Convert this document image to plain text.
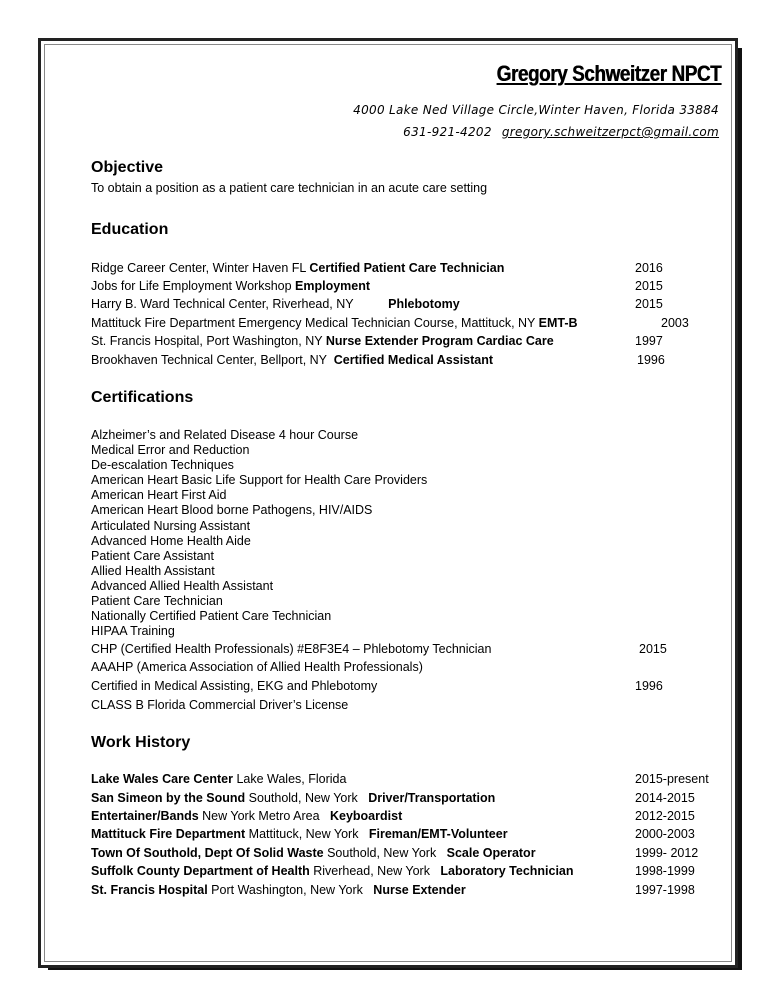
Gregory Schweitzer NPCT
4000 Lake Ned Village Circle,Winter Haven, Florida 33884
631-921-4202 gregory.schweitzerpct@gmail.com
Objective
To obtain a position as a patient care technician in an acute care setting
Education
Ridge Career Center, Winter Haven FL Certified Patient Care Technician	2016
Jobs for Life Employment Workshop Employment	2015
Harry B. Ward Technical Center, Riverhead, NY          Phlebotomy	2015
Mattituck Fire Department Emergency Medical Technician Course, Mattituck, NY EMT-B	2003
St. Francis Hospital, Port Washington, NY Nurse Extender Program Cardiac Care	1997
Brookhaven Technical Center, Bellport, NY  Certified Medical Assistant	1996
Certifications
Alzheimer’s and Related Disease 4 hour Course
Medical Error and Reduction
De-escalation Techniques
American Heart Basic Life Support for Health Care Providers
American Heart First Aid
American Heart Blood borne Pathogens, HIV/AIDS
Articulated Nursing Assistant
Advanced Home Health Aide
Patient Care Assistant
Allied Health Assistant
Advanced Allied Health Assistant
Patient Care Technician
Nationally Certified Patient Care Technician
HIPAA Training
CHP (Certified Health Professionals) #E8F3E4 – Phlebotomy Technician	2015
AAAHP (America Association of Allied Health Professionals)
Certified in Medical Assisting, EKG and Phlebotomy	1996
CLASS B Florida Commercial Driver’s License
Work History
Lake Wales Care Center Lake Wales, Florida	2015-present
San Simeon by the Sound Southold, New York   Driver/Transportation	2014-2015
Entertainer/Bands New York Metro Area   Keyboardist	2012-2015
Mattituck Fire Department Mattituck, New York   Fireman/EMT-Volunteer	2000-2003
Town Of Southold, Dept Of Solid Waste Southold, New York   Scale Operator	1999- 2012
Suffolk County Department of Health Riverhead, New York   Laboratory Technician	1998-1999
St. Francis Hospital Port Washington, New York   Nurse Extender	1997-1998
